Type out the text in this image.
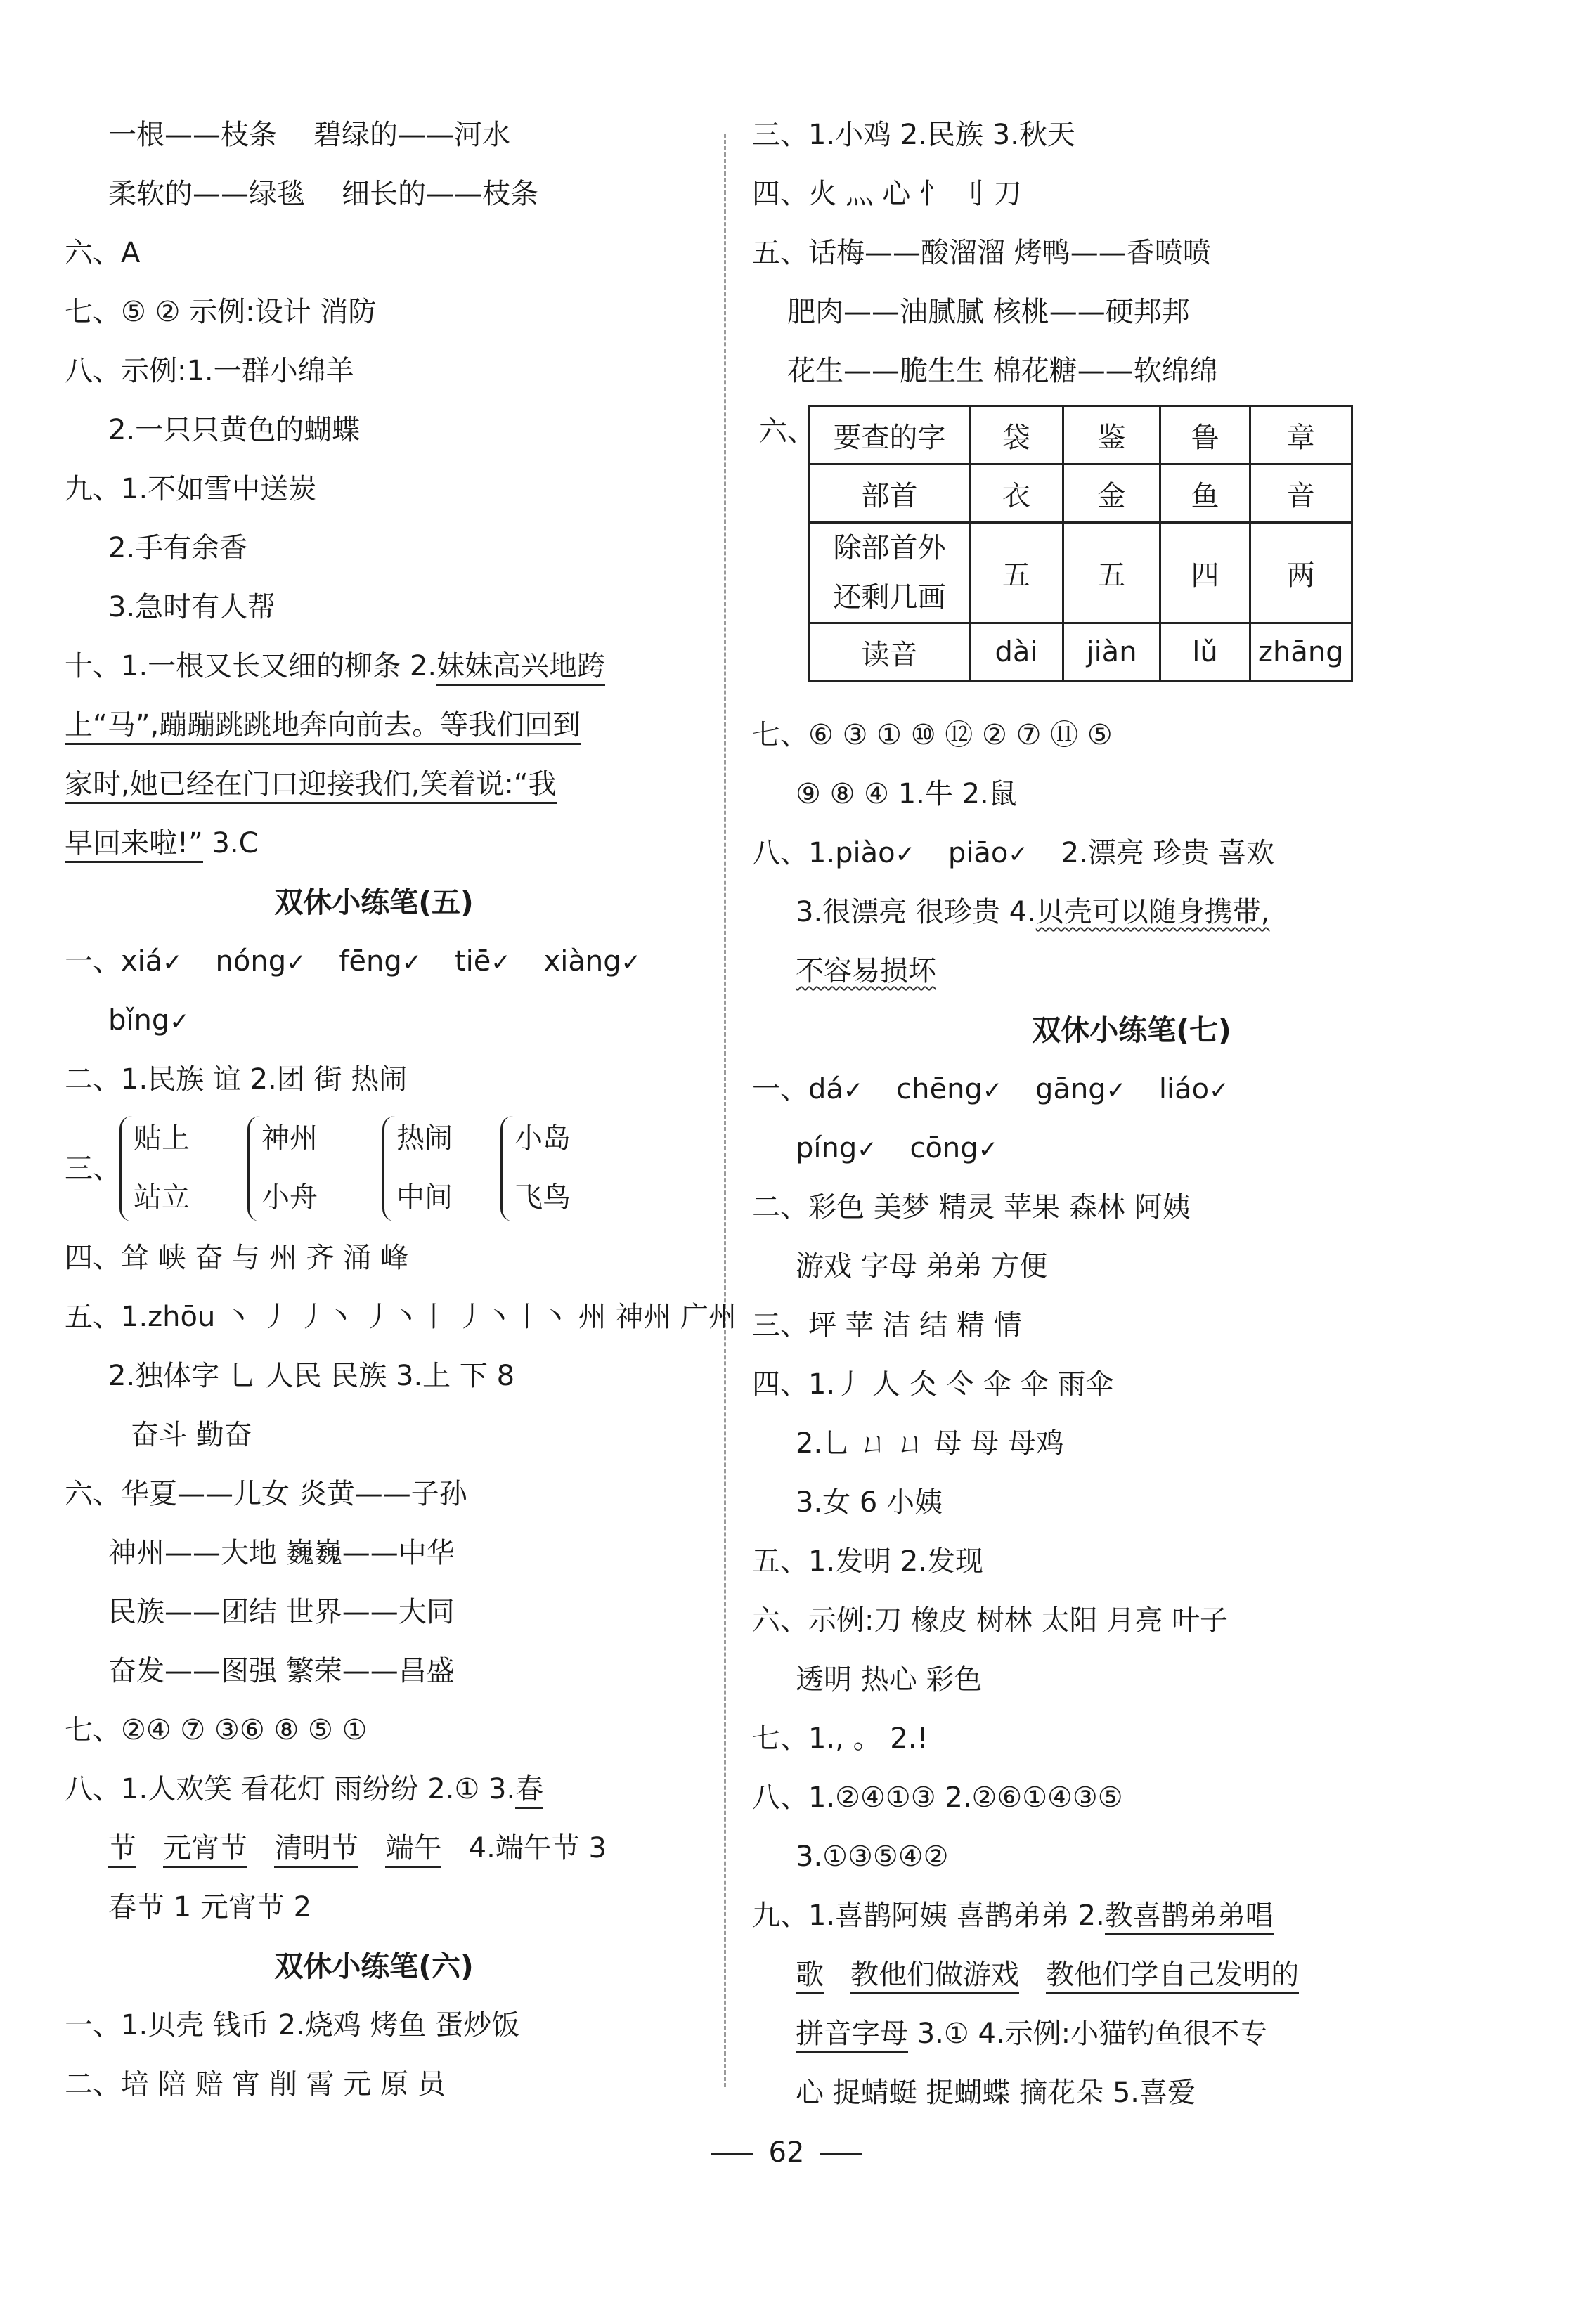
一根——枝条 碧绿的——河水
柔软的——绿毯 细长的——枝条
六、A
七、⑤ ② 示例:设计 消防
八、示例:1.一群小绵羊
2.一只只黄色的蝴蝶
九、1.不如雪中送炭
2.手有余香
3.急时有人帮
十、1.一根又长又细的柳条 2.妹妹高兴地跨
上“马”,蹦蹦跳跳地奔向前去。等我们回到
家时,她已经在门口迎接我们,笑着说:“我
早回来啦!” 3.C
双休小练笔(五)
一、xiá✓ nóng✓ fēng✓ tiē✓ xiàng✓
bǐng✓
二、1.民族 谊 2.团 街 热闹
三、
贴上
站立
神州
小舟
热闹
中间
小岛
飞鸟
四、耸 峡 奋 与 州 齐 涌 峰
五、1.zhōu 丶 丿 丿丶 丿丶丨 丿丶丨丶 州 神州 广州
2.独体字 乚 人民 民族 3.上 下 8
奋斗 勤奋
六、华夏——儿女 炎黄——子孙
神州——大地 巍巍——中华
民族——团结 世界——大同
奋发——图强 繁荣——昌盛
七、②④ ⑦ ③⑥ ⑧ ⑤ ①
八、1.人欢笑 看花灯 雨纷纷 2.① 3.春
节 元宵节 清明节 端午 4.端午节 3
春节 1 元宵节 2
双休小练笔(六)
一、1.贝壳 钱币 2.烧鸡 烤鱼 蛋炒饭
二、培 陪 赔 宵 削 霄 元 原 员
三、1.小鸡 2.民族 3.秋天
四、火 灬 心 忄 刂 刀
五、话梅——酸溜溜 烤鸭——香喷喷
肥肉——油腻腻 核桃——硬邦邦
花生——脆生生 棉花糖——软绵绵
六、 要查的字	袋	鉴	鲁	章
部首	衣	金	鱼	音
除部首外
还剩几画	五	五	四	两
读音	dài	jiàn	lǔ	zhāng
七、⑥ ③ ① ⑩ ⑫ ② ⑦ ⑪ ⑤
⑨ ⑧ ④ 1.牛 2.鼠
八、1.piào✓ piāo✓ 2.漂亮 珍贵 喜欢
3.很漂亮 很珍贵 4.贝壳可以随身携带,
不容易损坏
双休小练笔(七)
一、dá✓ chēng✓ gāng✓ liáo✓
píng✓ cōng✓
二、彩色 美梦 精灵 苹果 森林 阿姨
游戏 字母 弟弟 方便
三、坪 苹 洁 结 精 情
四、1.丿 人 仌 仒 伞 伞 雨伞
2.乚 ㄩ ㄩ 母 母 母鸡
3.女 6 小姨
五、1.发明 2.发现
六、示例:刀 橡皮 树林 太阳 月亮 叶子
透明 热心 彩色
七、1., 。 2.!
八、1.②④①③ 2.②⑥①④③⑤
3.①③⑤④②
九、1.喜鹊阿姨 喜鹊弟弟 2.教喜鹊弟弟唱
歌 教他们做游戏 教他们学自己发明的
拼音字母 3.① 4.示例:小猫钓鱼很不专
心 捉蜻蜓 捉蝴蝶 摘花朵 5.喜爱
62
